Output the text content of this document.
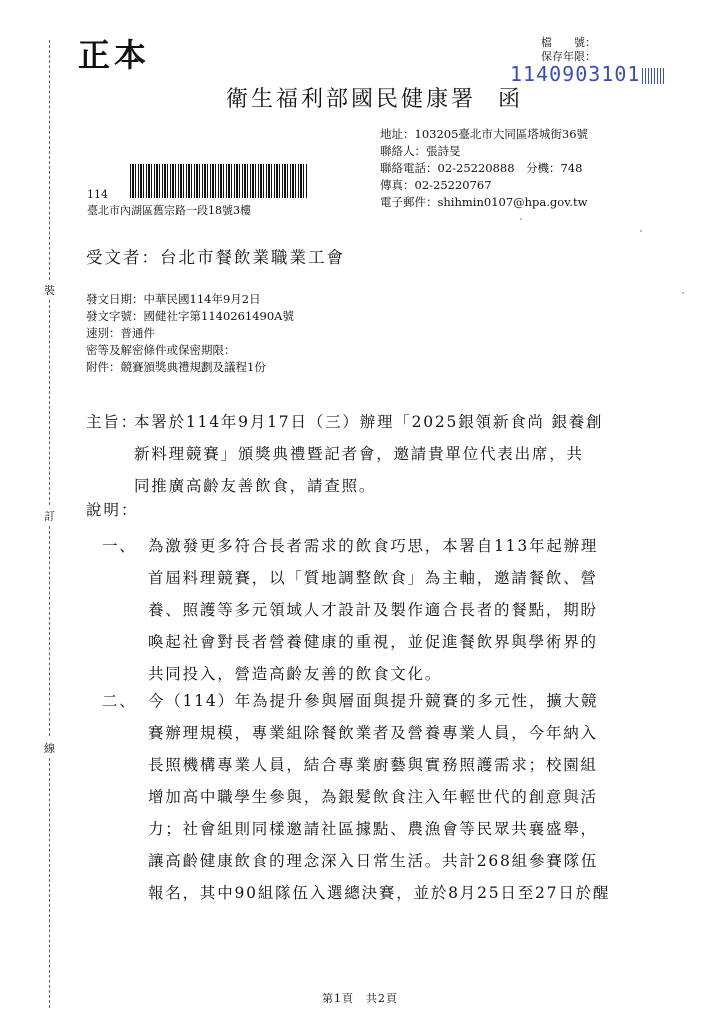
正本	檔　　號：
保存年限：
1140903101
衛生福利部國民健康署 函
地址：103205臺北市大同區塔城街36號
聯絡人：張詩旻
聯絡電話：02-25220888　分機：748
傳真：02-25220767
電子郵件：shihmin0107@hpa.gov.tw
114
臺北市內湖區舊宗路一段18號3樓
受文者：台北市餐飲業職業工會
發文日期：中華民國114年9月2日
發文字號：國健社字第1140261490A號
速別：普通件
密等及解密條件或保密期限：
附件：競賽頒獎典禮規劃及議程1份
裝
訂
線
主旨：
本署於114年9月17日（三）辦理「2025銀領新食尚 銀養創
新料理競賽」頒獎典禮暨記者會，邀請貴單位代表出席，共
同推廣高齡友善飲食，請查照。
說明：
一、 為激發更多符合長者需求的飲食巧思，本署自113年起辦理
首屆料理競賽，以「質地調整飲食」為主軸，邀請餐飲、營
養、照護等多元領域人才設計及製作適合長者的餐點，期盼
喚起社會對長者營養健康的重視，並促進餐飲界與學術界的
共同投入，營造高齡友善的飲食文化。
二、 今（114）年為提升參與層面與提升競賽的多元性，擴大競
賽辦理規模，專業組除餐飲業者及營養專業人員，今年納入
長照機構專業人員，結合專業廚藝與實務照護需求；校園組
增加高中職學生參與，為銀髮飲食注入年輕世代的創意與活
力；社會組則同樣邀請社區據點、農漁會等民眾共襄盛舉，
讓高齡健康飲食的理念深入日常生活。共計268組參賽隊伍
報名，其中90組隊伍入選總決賽，並於8月25日至27日於醒
第1頁　共2頁
